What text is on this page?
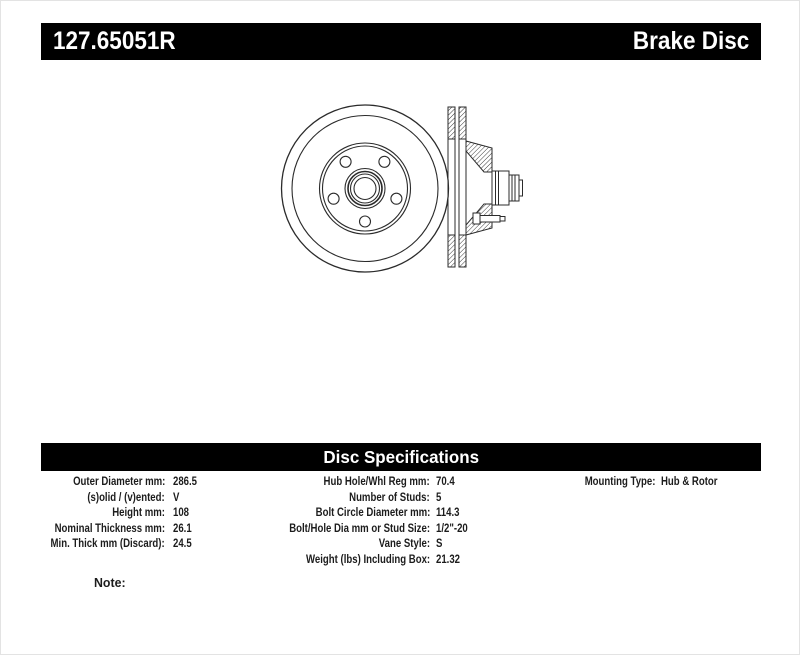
127.65051R	Brake Disc
Disc Specifications
Outer Diameter mm: 286.5
(s)olid / (v)ented: V
Height mm: 108
Nominal Thickness mm: 26.1
Min. Thick mm (Discard): 24.5
Hub Hole/Whl Reg mm: 70.4
Number of Studs: 5
Bolt Circle Diameter mm: 114.3
Bolt/Hole Dia mm or Stud Size: 1/2"-20
Vane Style: S
Weight (lbs) Including Box: 21.32
Mounting Type: Hub & Rotor
Note:
